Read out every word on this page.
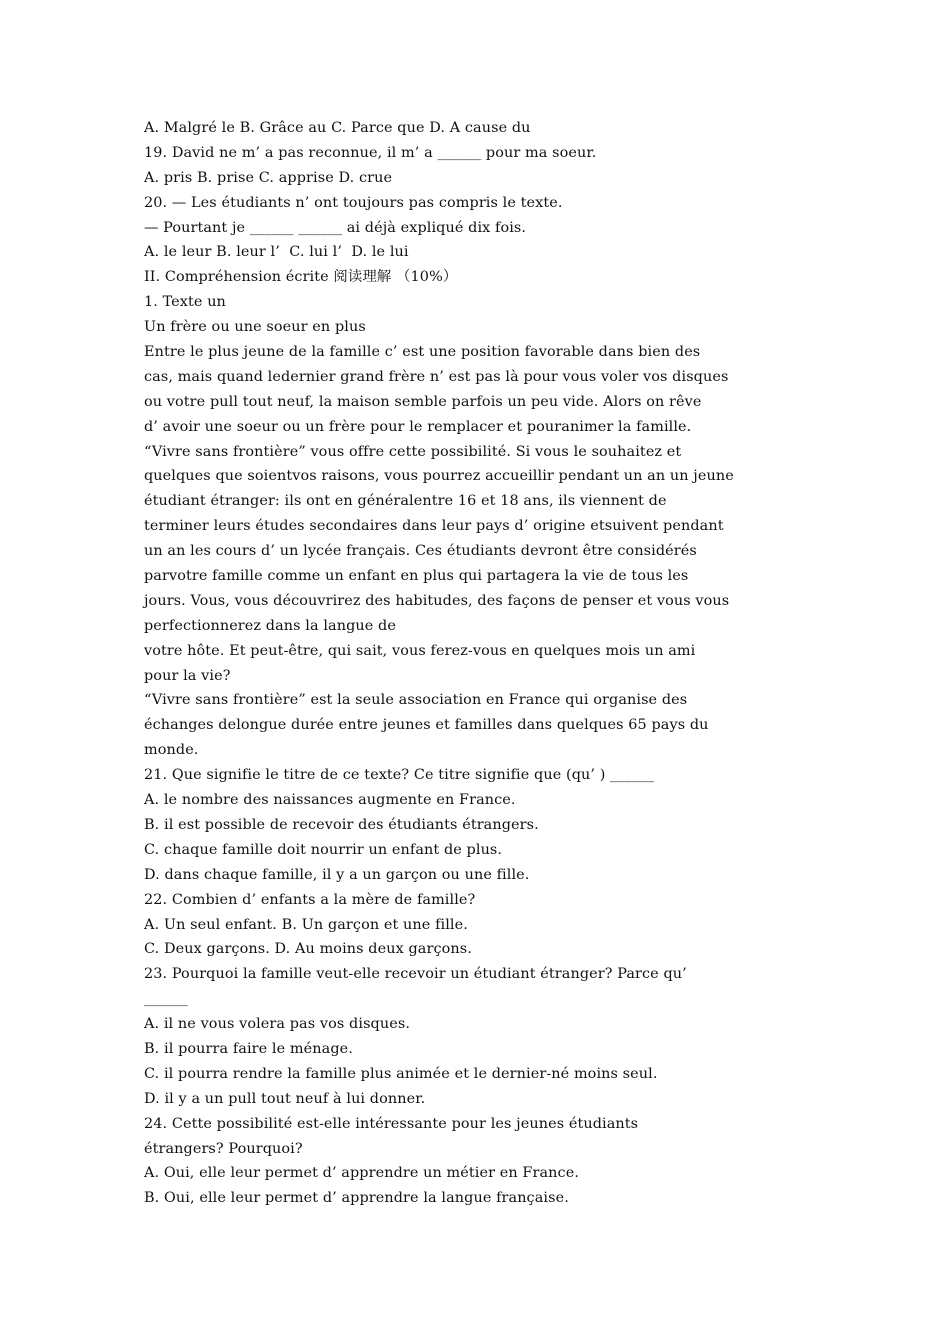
A. Malgré le B. Grâce au C. Parce que D. A cause du
19. David ne m’ a pas reconnue, il m’ a ______ pour ma soeur.
A. pris B. prise C. apprise D. crue
20. — Les étudiants n’ ont toujours pas compris le texte.
— Pourtant je ______ ______ ai déjà expliqué dix fois.
A. le leur B. leur l’  C. lui l’  D. le lui
II. Compréhension écrite 阅读理解 （10%）
1. Texte un
Un frère ou une soeur en plus
Entre le plus jeune de la famille c’ est une position favorable dans bien des
cas, mais quand ledernier grand frère n’ est pas là pour vous voler vos disques
ou votre pull tout neuf, la maison semble parfois un peu vide. Alors on rêve
d’ avoir une soeur ou un frère pour le remplacer et pouranimer la famille.
“Vivre sans frontière” vous offre cette possibilité. Si vous le souhaitez et
quelques que soientvos raisons, vous pourrez accueillir pendant un an un jeune
étudiant étranger: ils ont en généralentre 16 et 18 ans, ils viennent de
terminer leurs études secondaires dans leur pays d’ origine etsuivent pendant
un an les cours d’ un lycée français. Ces étudiants devront être considérés
parvotre famille comme un enfant en plus qui partagera la vie de tous les
jours. Vous, vous découvrirez des habitudes, des façons de penser et vous vous
perfectionnerez dans la langue de
votre hôte. Et peut-être, qui sait, vous ferez-vous en quelques mois un ami
pour la vie?
“Vivre sans frontière” est la seule association en France qui organise des
échanges delongue durée entre jeunes et familles dans quelques 65 pays du
monde.
21. Que signifie le titre de ce texte? Ce titre signifie que (qu’ ) ______
A. le nombre des naissances augmente en France.
B. il est possible de recevoir des étudiants étrangers.
C. chaque famille doit nourrir un enfant de plus.
D. dans chaque famille, il y a un garçon ou une fille.
22. Combien d’ enfants a la mère de famille?
A. Un seul enfant. B. Un garçon et une fille.
C. Deux garçons. D. Au moins deux garçons.
23. Pourquoi la famille veut-elle recevoir un étudiant étranger? Parce qu’
______
A. il ne vous volera pas vos disques.
B. il pourra faire le ménage.
C. il pourra rendre la famille plus animée et le dernier-né moins seul.
D. il y a un pull tout neuf à lui donner.
24. Cette possibilité est-elle intéressante pour les jeunes étudiants
étrangers? Pourquoi?
A. Oui, elle leur permet d’ apprendre un métier en France.
B. Oui, elle leur permet d’ apprendre la langue française.
